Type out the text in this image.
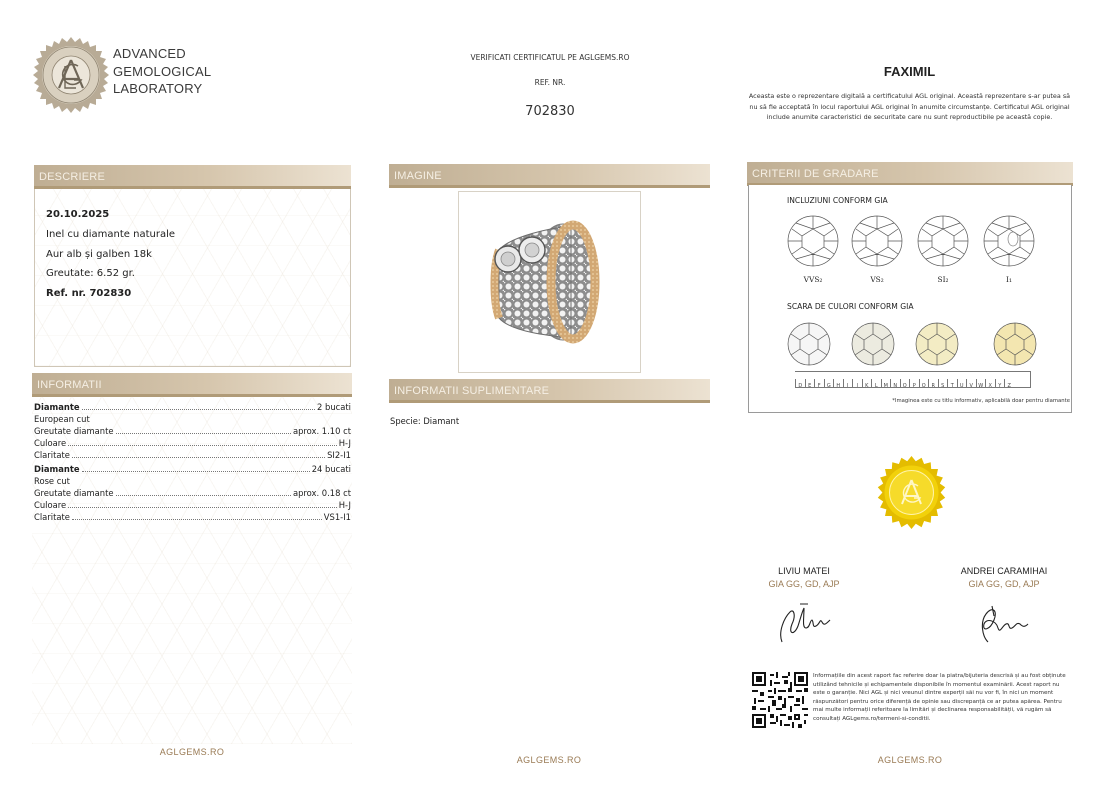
ADVANCED
GEMOLOGICAL
LABORATORY
VERIFICATI CERTIFICATUL PE AGLGEMS.RO
REF. NR.
702830
FAXIMIL
Aceasta este o reprezentare digitală a certificatului AGL original. Această reprezentare s-ar putea să nu să fie acceptată în locul raportului AGL original în anumite circumstanțe. Certificatul AGL original include anumite caracteristici de securitate care nu sunt reproductibile pe această copie.
DESCRIERE
20.10.2025
Inel cu diamante naturale
Aur alb și galben 18k
Greutate: 6.52 gr.
Ref. nr. 702830
INFORMATII
Diamante	2 bucati
European cut
Greutate diamante	aprox. 1.10 ct
Culoare	H-J
Claritate	SI2-I1
Diamante	24 bucati
Rose cut
Greutate diamante	aprox. 0.18 ct
Culoare	H-J
Claritate	VS1-I1
AGLGEMS.RO
IMAGINE
INFORMATII SUPLIMENTARE
Specie: Diamant
AGLGEMS.RO
CRITERII DE GRADARE
INCLUZIUNI CONFORM GIA
VVS₂	VS₂	SI₂	I₁
SCARA DE CULORI CONFORM GIA
D E F G H I J K L M N O P Q R S T U V W X Y Z
*Imaginea este cu titlu informativ, aplicabilă doar pentru diamante
LIVIU MATEI
GIA GG, GD, AJP
ANDREI CARAMIHAI
GIA GG, GD, AJP
Informațiile din acest raport fac referire doar la piatra/bijuteria descrisă și au fost obținute utilizând tehnicile și echipamentele disponibile în momentul examinării. Acest raport nu este o garanție. Nici AGL și nici vreunul dintre experții săi nu vor fi, în nici un moment răspunzători pentru orice diferență de opinie sau discrepanță ce ar putea apărea. Pentru mai multe informații referitoare la limitări și declinarea responsabilității, vă rugăm să consultați AGLgems.ro/termeni-si-conditii.
AGLGEMS.RO
